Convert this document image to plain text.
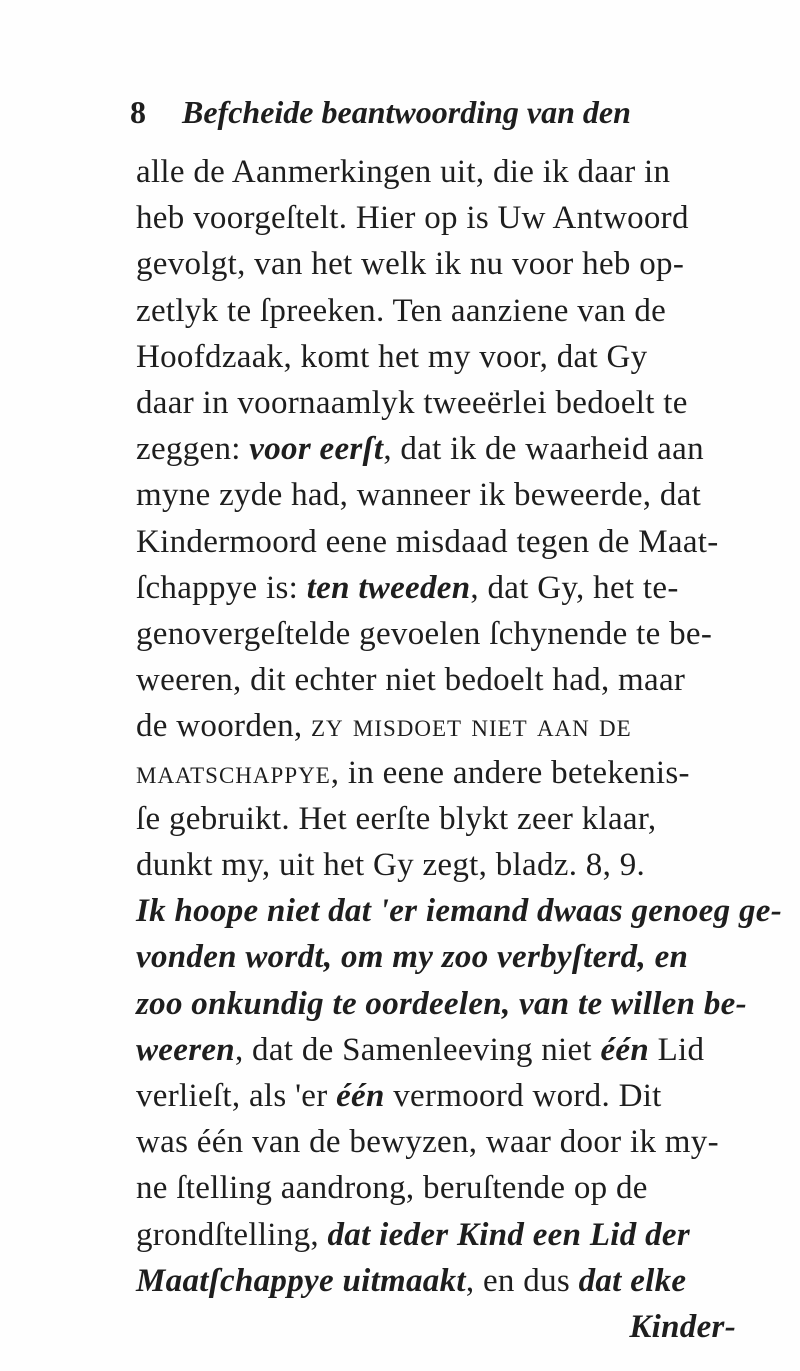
8 Befcheide beantwoording van den
alle de Aanmerkingen uit, die ik daar in
heb voorgeſtelt. Hier op is Uw Antwoord
gevolgt, van het welk ik nu voor heb op-
zetlyk te ſpreeken. Ten aanziene van de
Hoofdzaak, komt het my voor, dat Gy
daar in voornaamlyk tweeërlei bedoelt te
zeggen: voor eerſt, dat ik de waarheid aan
myne zyde had, wanneer ik beweerde, dat
Kindermoord eene misdaad tegen de Maat-
ſchappye is: ten tweeden, dat Gy, het te-
genovergeſtelde gevoelen ſchynende te be-
weeren, dit echter niet bedoelt had, maar
de woorden, zy misdoet niet aan de
maatschappye, in eene andere betekenis-
ſe gebruikt. Het eerſte blykt zeer klaar,
dunkt my, uit het Gy zegt, bladz. 8, 9.
Ik hoope niet dat 'er iemand dwaas genoeg ge-
vonden wordt, om my zoo verbyſterd, en
zoo onkundig te oordeelen, van te willen be-
weeren, dat de Samenleeving niet één Lid
verlieſt, als 'er één vermoord word. Dit
was één van de bewyzen, waar door ik my-
ne ſtelling aandrong, beruſtende op de
grondſtelling, dat ieder Kind een Lid der
Maatſchappye uitmaakt, en dus dat elke
Kinder-
